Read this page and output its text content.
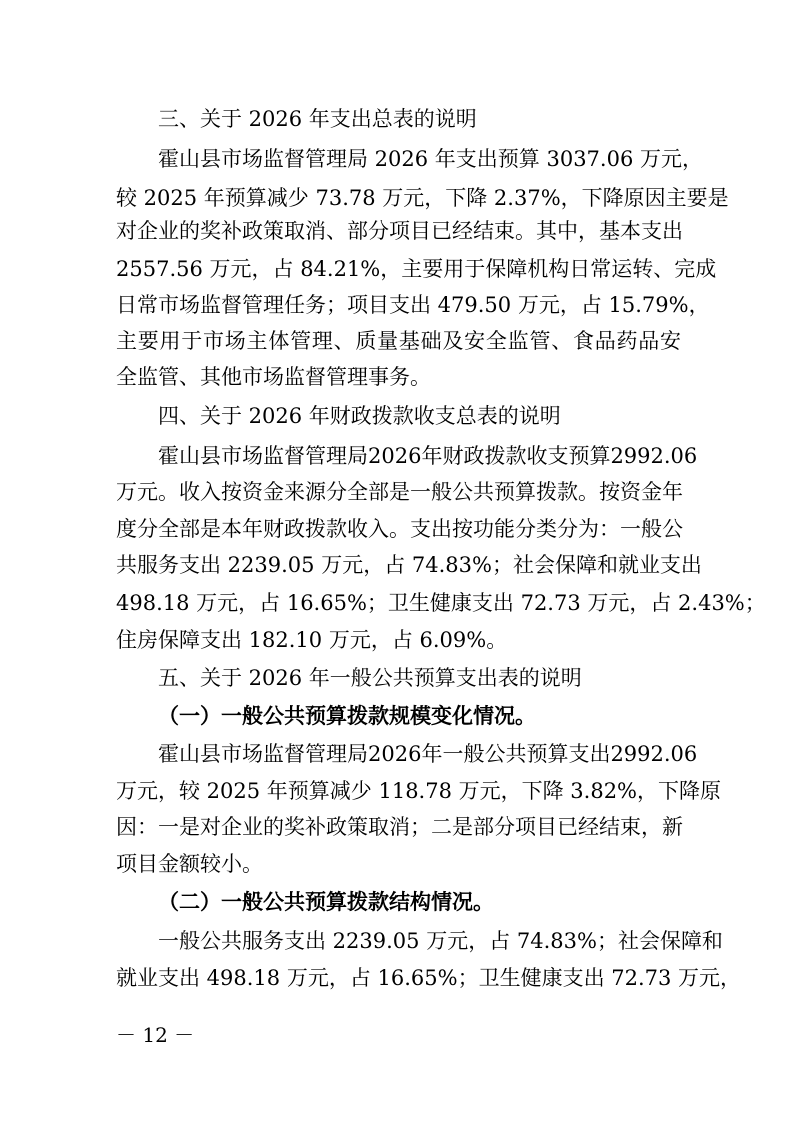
三、关于 2026 年支出总表的说明
霍山县市场监督管理局 2026 年支出预算 3037.06 万元，
较 2025 年预算减少 73.78 万元，下降 2.37%，下降原因主要是
对企业的奖补政策取消、部分项目已经结束。其中，基本支出
2557.56 万元，占 84.21%，主要用于保障机构日常运转、完成
日常市场监督管理任务；项目支出 479.50 万元，占 15.79%，
主要用于市场主体管理、质量基础及安全监管、食品药品安
全监管、其他市场监督管理事务。
四、关于 2026 年财政拨款收支总表的说明
霍山县市场监督管理局2026年财政拨款收支预算2992.06
万元。收入按资金来源分全部是一般公共预算拨款。按资金年
度分全部是本年财政拨款收入。支出按功能分类分为：一般公
共服务支出 2239.05 万元，占 74.83%；社会保障和就业支出
498.18 万元，占 16.65%；卫生健康支出 72.73 万元，占 2.43%；
住房保障支出 182.10 万元，占 6.09%。
五、关于 2026 年一般公共预算支出表的说明
（一）一般公共预算拨款规模变化情况。
霍山县市场监督管理局2026年一般公共预算支出2992.06
万元，较 2025 年预算减少 118.78 万元，下降 3.82%，下降原
因：一是对企业的奖补政策取消；二是部分项目已经结束，新
项目金额较小。
（二）一般公共预算拨款结构情况。
一般公共服务支出 2239.05 万元，占 74.83%；社会保障和
就业支出 498.18 万元，占 16.65%；卫生健康支出 72.73 万元，
－ 12 －
